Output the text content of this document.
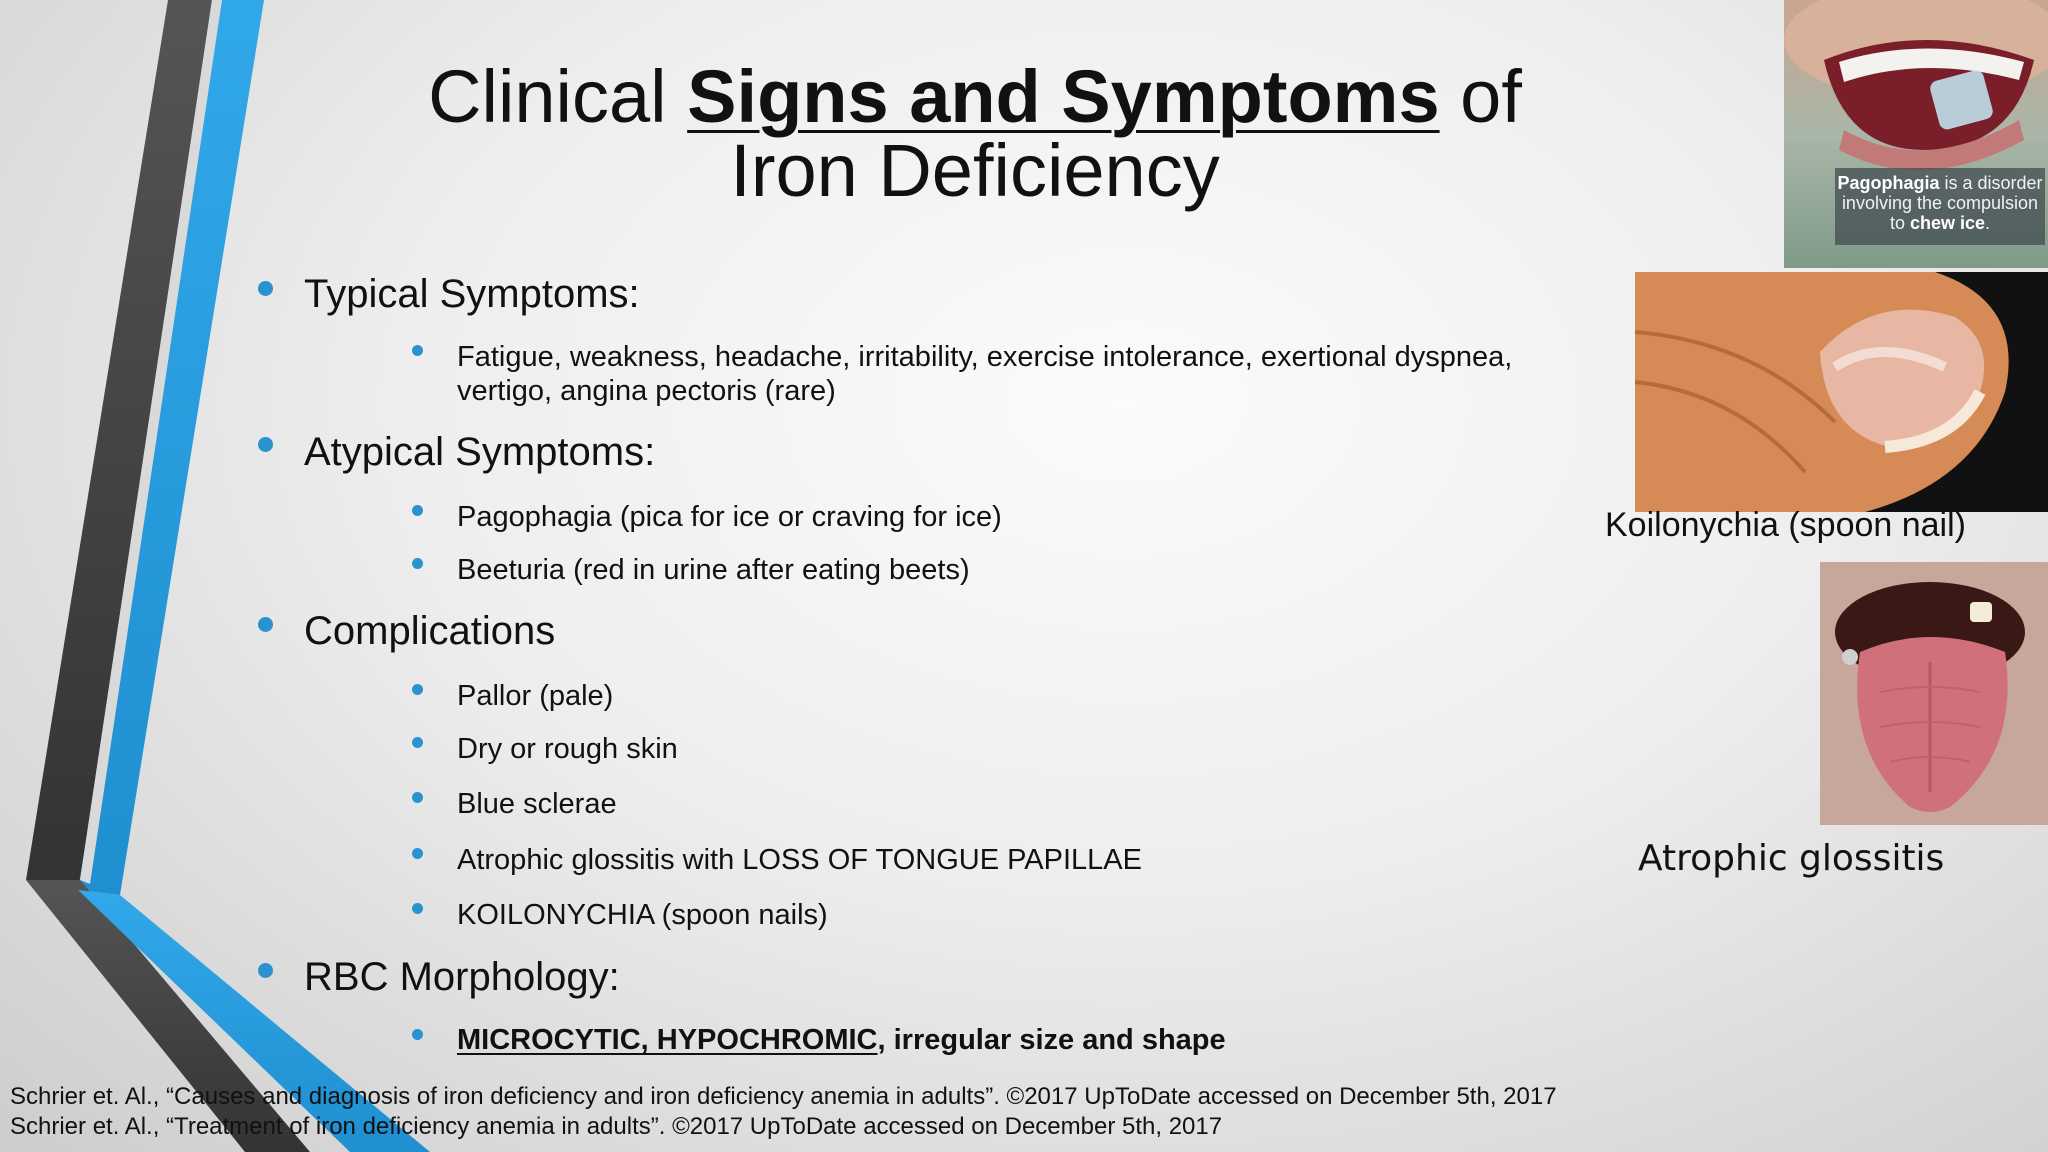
Clinical Signs and Symptoms of
Iron Deficiency
Typical Symptoms:
Fatigue, weakness, headache, irritability, exercise intolerance, exertional dyspnea,
vertigo, angina pectoris (rare)
Atypical Symptoms:
Pagophagia (pica for ice or craving for ice)
Beeturia (red in urine after eating beets)
Complications
Pallor (pale)
Dry or rough skin
Blue sclerae
Atrophic glossitis with LOSS OF TONGUE PAPILLAE
KOILONYCHIA (spoon nails)
RBC Morphology:
MICROCYTIC, HYPOCHROMIC, irregular size and shape
Schrier et. Al., “Causes and diagnosis of iron deficiency and iron deficiency anemia in adults”. ©2017 UpToDate accessed on December 5th, 2017
Schrier et. Al., “Treatment of iron deficiency anemia in adults”. ©2017 UpToDate accessed on December 5th, 2017
Pagophagia is a disorder
involving the compulsion
to chew ice.
Koilonychia (spoon nail)
Atrophic glossitis
